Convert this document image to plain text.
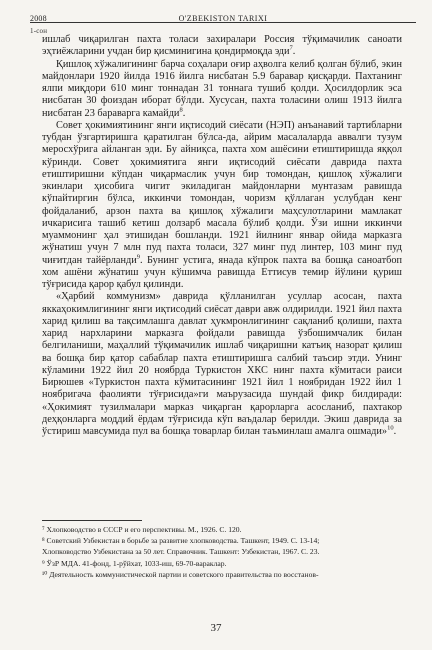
2008	O'ZBEKISTON TARIXI
1-сон

ишлаб чиқарилган пахта толаси захиралари Россия тўқимачилик саноати эҳтиёжларини учдан бир қисминигина қондирмоқда эди$^7$.

Қишлоқ хўжалигининг барча соҳалари оғир аҳволга келиб қолган бўлиб, экин майдонлари 1920 йилда 1916 йилга нисбатан 5.9 баравар қисқарди. Пахтанинг ялпи миқдори 610 минг тоннадан 31 тоннага тушиб қолди. Ҳосилдорлик эса нисбатан 30 фоиздан иборат бўлди. Хусусан, пахта толасини олиш 1913 йилга нисбатан 23 бараварга камайди$^8$.

Совет ҳокимиятининг янги иқтисодий сиёсати (НЭП) анъанавий тартибларни тубдан ўзгартиришга қаратилган бўлса-да, айрим масалаларда аввалги тузум меросхўрига айланган эди. Бу айниқса, пахта хом ашёсини етиштиришда яққол кўринди. Совет ҳокимиятига янги иқтисодий сиёсати даврида пахта етиштиришни кўпдан чиқармаслик учун бир томондан, қишлоқ хўжалиги экинлари ҳисобига чигит экиладиган майдонларни мунтазам равишда кўпайтиргин бўлса, иккинчи томондан, чоризм қўллаган услубдан кенг фойдаланиб, арзон пахта ва қишлоқ хўжалиги маҳсулотларини мамлакат ичкарисига ташиб кетиш долзарб масала бўлиб қолди. Ўзи ишни иккинчи муаммонинг ҳал этишидан бошланди. 1921 йилнинг январ ойида марказга жўнатиш учун 7 млн пуд пахта толаси, 327 минг пуд линтер, 103 минг пуд чиғитдан тайёрланди$^9$. Бунинг устига, янада кўпрок пахта ва бошқа саноатбоп хом ашёни жўнатиш учун кўшимча равишда Еттисув темир йўлини қуриш тўғрисида қарор қабул қилинди.

«Ҳарбий коммунизм» даврида қўлланилган усуллар асосан, пахта яккаҳокимлигининг янги иқтисодий сиёсат даври авж олдирилди. 1921 йил пахта харид қилиш ва тақсимлашга давлат ҳукмронлигининг сақланиб қолиши, пахта харид нархларини марказга фойдали равишда ўзбошимчалик билан белгиланиши, маҳаллий тўқимачилик ишлаб чиқаришни катъиқ назорат қилиш ва бошқа бир қатор сабаблар пахта етиштиришга салбий таъсир этди. Унинг кўламини 1922 йил 20 ноябрда Туркистон ХКС нинг пахта кўмитаси раиси Бирюшев «Туркистон пахта кўмитасининг 1921 йил 1 ноябридан 1922 йил 1 ноябригача фаолияти тўғрисида»ги маърузасида шундай фикр билдиради: «Ҳокимият тузилмалари марказ чиқарган қарорларга асосланиб, пахтакор деҳқонларга моддий ёрдам тўғрисида кўп ваъдалар берилди. Экиш даврида за ўстириш мавсумида пул ва бошқа товарлар билан таъминлаш амалга ошмади»$^{10}$.

⁷ Хлопководство в СССР и его перспективы. М., 1926. С. 120.
⁸ Советский Узбекистан в борьбе за развитие хлопководства. Ташкент, 1949. С. 13-14;
Хлопководство Узбекистана за 50 лет. Справочник. Ташкент: Узбекистан, 1967. С. 23.
⁹ ЎзР МДА. 41-фонд, 1-рўйхат, 1033-иш, 69-70-вараклар.
¹⁰ Деятельность коммунистической партии и советского правительства по восстанов-
37
